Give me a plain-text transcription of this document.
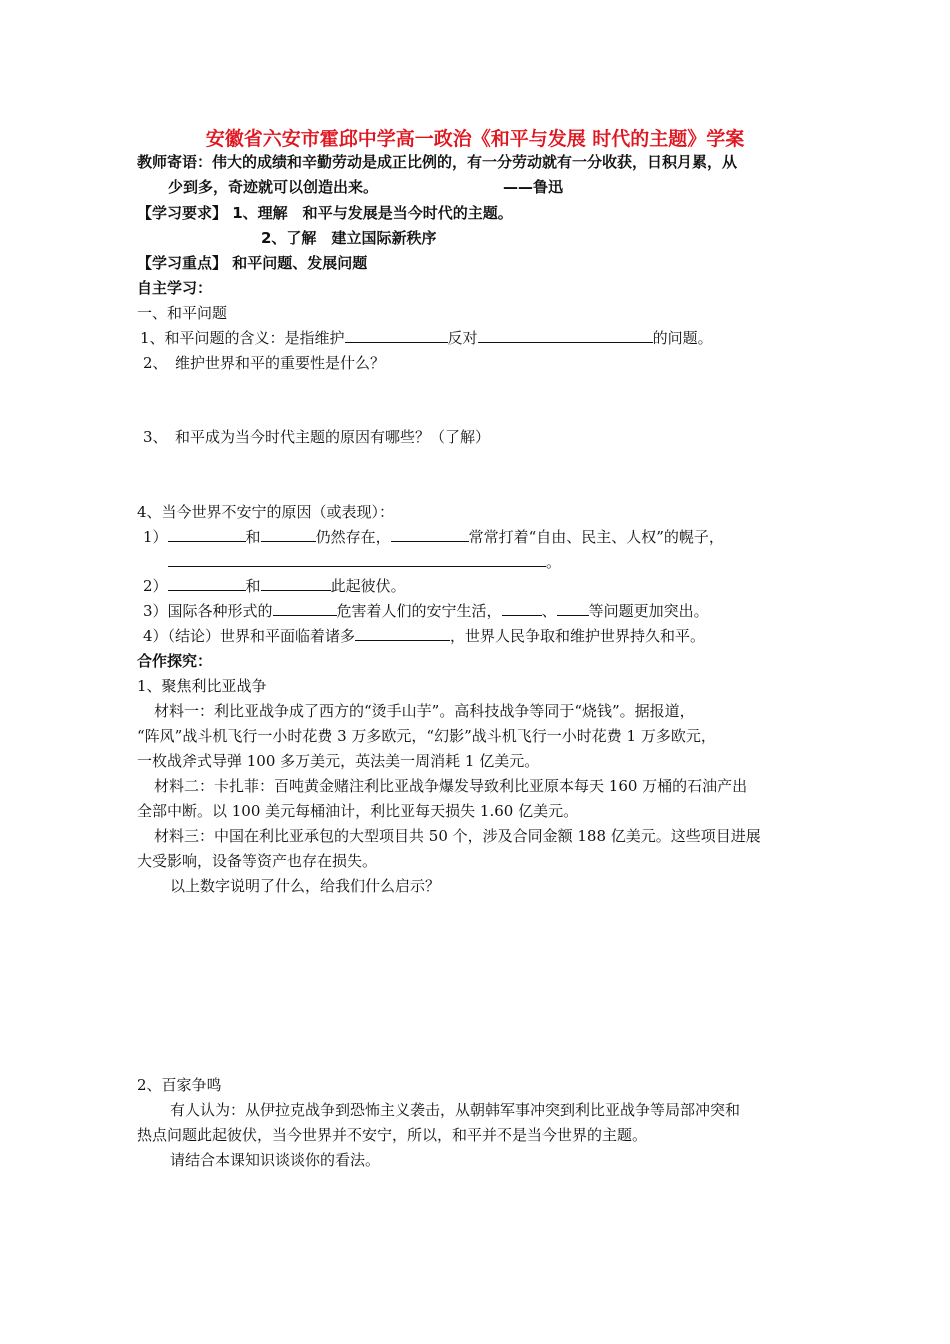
安徽省六安市霍邱中学高一政治《和平与发展 时代的主题》学案
教师寄语：伟大的成绩和辛勤劳动是成正比例的，有一分劳动就有一分收获，日积月累，从
少到多，奇迹就可以创造出来。	——鲁迅
【学习要求】 1、理解　和平与发展是当今时代的主题。
2、了解　建立国际新秩序
【学习重点】 和平问题、发展问题
自主学习：
一、和平问题
1、和平问题的含义：是指维护	反对	的问题。
2、　维护世界和平的重要性是什么？
3、　和平成为当今时代主题的原因有哪些？（了解）
4、当今世界不安宁的原因（或表现）：
1）	和	仍然存在，	常常打着“自由、民主、人权”的幌子，
。
2）	和	此起彼伏。
3）国际各种形式的	危害着人们的安宁生活，	、 等问题更加突出。
4）（结论）世界和平面临着诸多	，世界人民争取和维护世界持久和平。
合作探究：
1、聚焦利比亚战争
材料一：利比亚战争成了西方的“烫手山芋”。高科技战争等同于“烧钱”。据报道，
“阵风”战斗机飞行一小时花费 3 万多欧元，“幻影”战斗机飞行一小时花费 1 万多欧元，
一枚战斧式导弹 100 多万美元，英法美一周消耗 1 亿美元。
材料二：卡扎菲：百吨黄金赌注利比亚战争爆发导致利比亚原本每天 160 万桶的石油产出
全部中断。以 100 美元每桶油计，利比亚每天损失 1.60 亿美元。
材料三：中国在利比亚承包的大型项目共 50 个，涉及合同金额 188 亿美元。这些项目进展
大受影响，设备等资产也存在损失。
以上数字说明了什么，给我们什么启示？
2、百家争鸣
有人认为：从伊拉克战争到恐怖主义袭击，从朝韩军事冲突到利比亚战争等局部冲突和
热点问题此起彼伏，当今世界并不安宁，所以，和平并不是当今世界的主题。
请结合本课知识谈谈你的看法。
